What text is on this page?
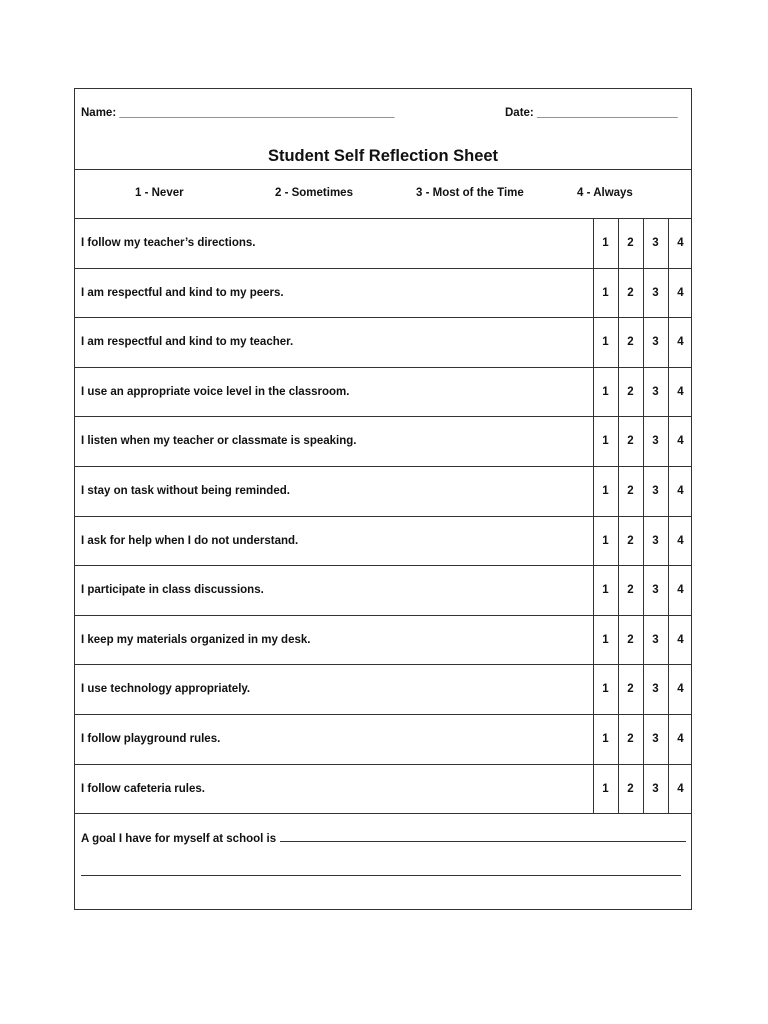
Name: ___________________________________________	Date: ______________________
Student Self Reflection Sheet
1 - Never	2 - Sometimes	3 - Most of the Time	4 - Always
I follow my teacher’s directions.	1	2	3	4
I am respectful and kind to my peers.	1	2	3	4
I am respectful and kind to my teacher.	1	2	3	4
I use an appropriate voice level in the classroom.	1	2	3	4
I listen when my teacher or classmate is speaking.	1	2	3	4
I stay on task without being reminded.	1	2	3	4
I ask for help when I do not understand.	1	2	3	4
I participate in class discussions.	1	2	3	4
I keep my materials organized in my desk.	1	2	3	4
I use technology appropriately.	1	2	3	4
I follow playground rules.	1	2	3	4
I follow cafeteria rules.	1	2	3	4
A goal I have for myself at school is
